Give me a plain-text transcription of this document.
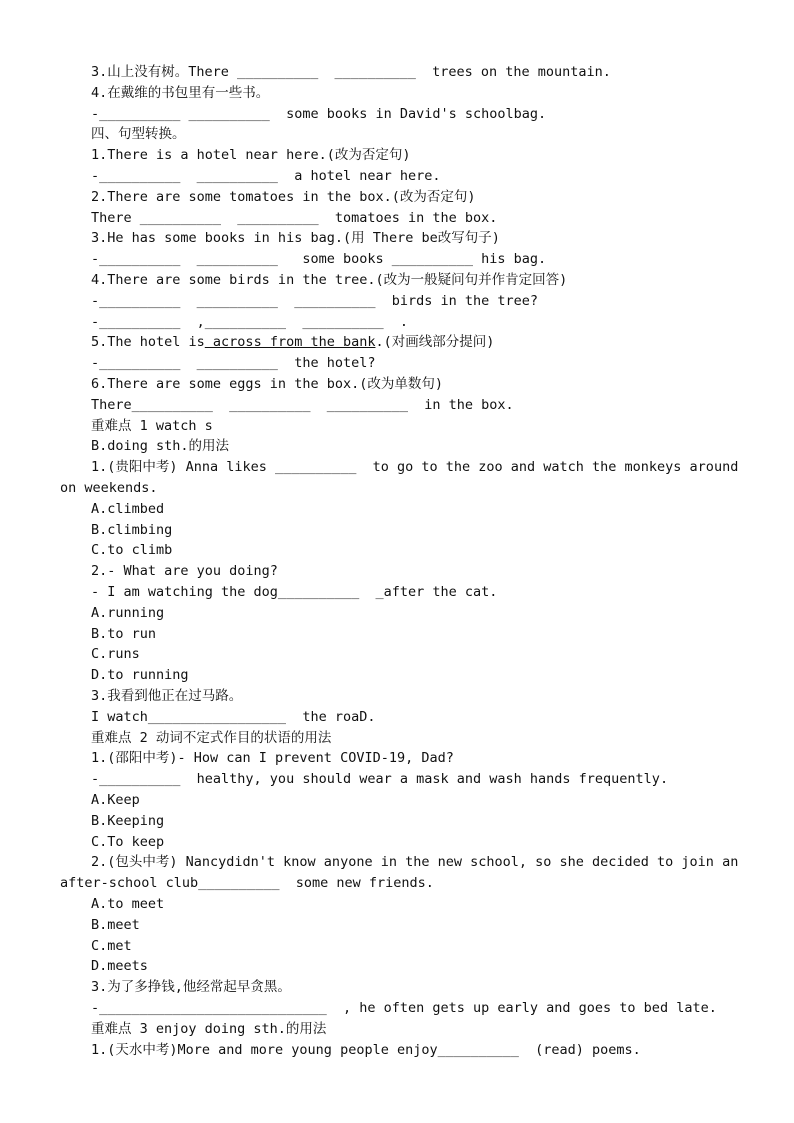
3.山上没有树。There __________  __________  trees on the mountain.
4.在戴维的书包里有一些书。
-__________ __________  some books in David's schoolbag.
四、句型转换。
1.There is a hotel near here.(改为否定句)
-__________  __________  a hotel near here.
2.There are some tomatoes in the box.(改为否定句)
There __________  __________  tomatoes in the box.
3.He has some books in his bag.(用 There be改写句子)
-__________  __________   some books __________ his bag.
4.There are some birds in the tree.(改为一般疑问句并作肯定回答)
-__________  __________  __________  birds in the tree?
-__________  ,__________  __________  .
5.The hotel is across from the bank.(对画线部分提问)
-__________  __________  the hotel?
6.There are some eggs in the box.(改为单数句)
There__________  __________  __________  in the box.
重难点 1 watch s
B.doing sth.的用法
1.(贵阳中考) Anna likes __________  to go to the zoo and watch the monkeys around
on weekends.
A.climbed
B.climbing
C.to climb
2.- What are you doing?
- I am watching the dog__________  _after the cat.
A.running
B.to run
C.runs
D.to running
3.我看到他正在过马路。
I watch_________________  the roaD.
重难点 2 动词不定式作目的状语的用法
1.(邵阳中考)- How can I prevent COVID-19, Dad?
-__________  healthy, you should wear a mask and wash hands frequently.
A.Keep
B.Keeping
C.To keep
2.(包头中考) Nancydidn't know anyone in the new school, so she decided to join an
after-school club__________  some new friends.
A.to meet
B.meet
C.met
D.meets
3.为了多挣钱,他经常起早贪黑。
-____________________________  , he often gets up early and goes to bed late.
重难点 3 enjoy doing sth.的用法
1.(天水中考)More and more young people enjoy__________  (read) poems.
